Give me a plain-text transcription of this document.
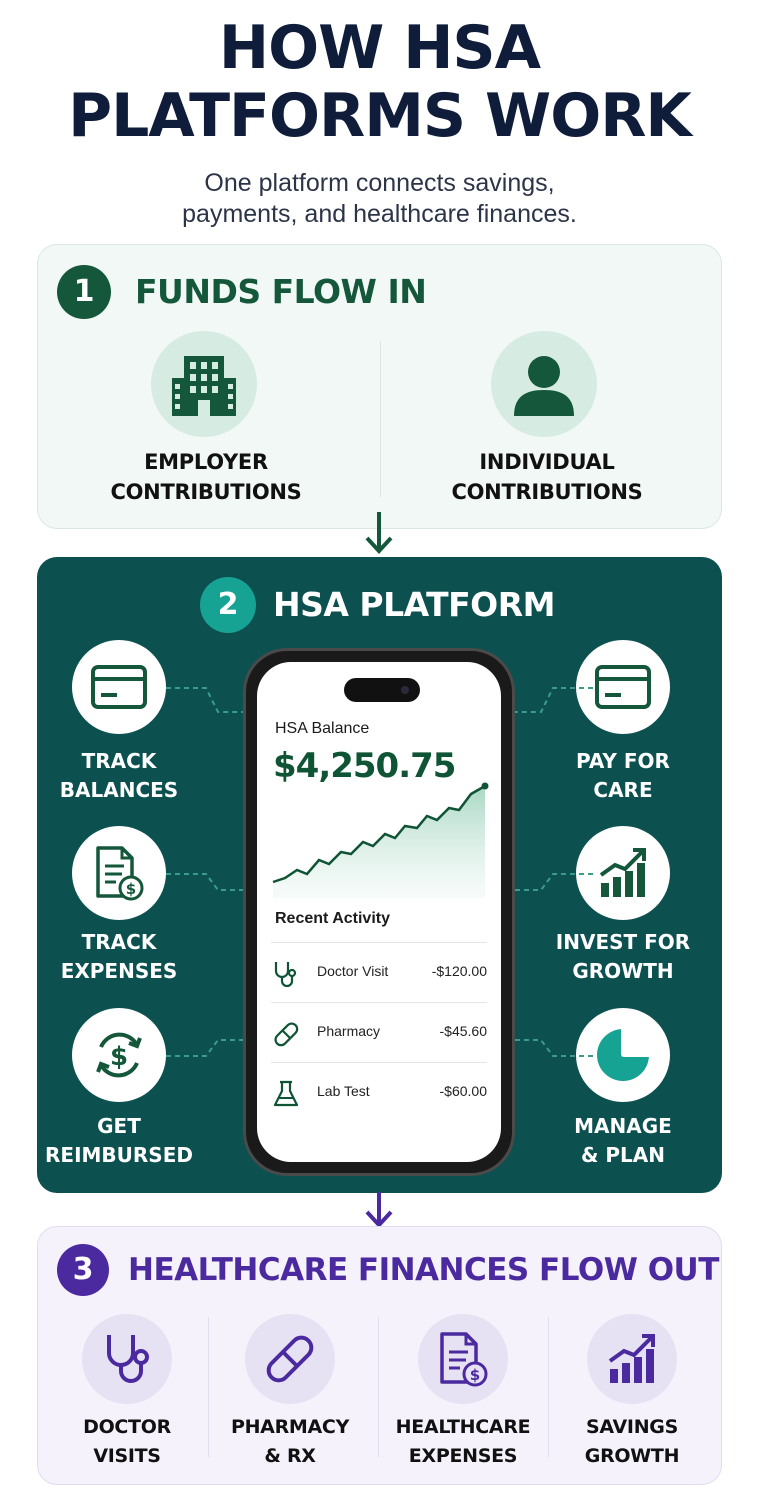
HOW HSA
PLATFORMS WORK
One platform connects savings,
payments, and healthcare finances.
1	FUNDS FLOW IN
EMPLOYER
CONTRIBUTIONS
INDIVIDUAL
CONTRIBUTIONS
2	HSA PLATFORM
TRACK
BALANCES
$
TRACK
EXPENSES
$
GET
REIMBURSED
PAY FOR
CARE
INVEST FOR
GROWTH
MANAGE
& PLAN
HSA Balance
$4,250.75
Recent Activity
Doctor Visit	-$120.00
Pharmacy	-$45.60
Lab Test	-$60.00
3	HEALTHCARE FINANCES FLOW OUT
DOCTOR
VISITS
PHARMACY
& RX
$
HEALTHCARE
EXPENSES
SAVINGS
GROWTH
